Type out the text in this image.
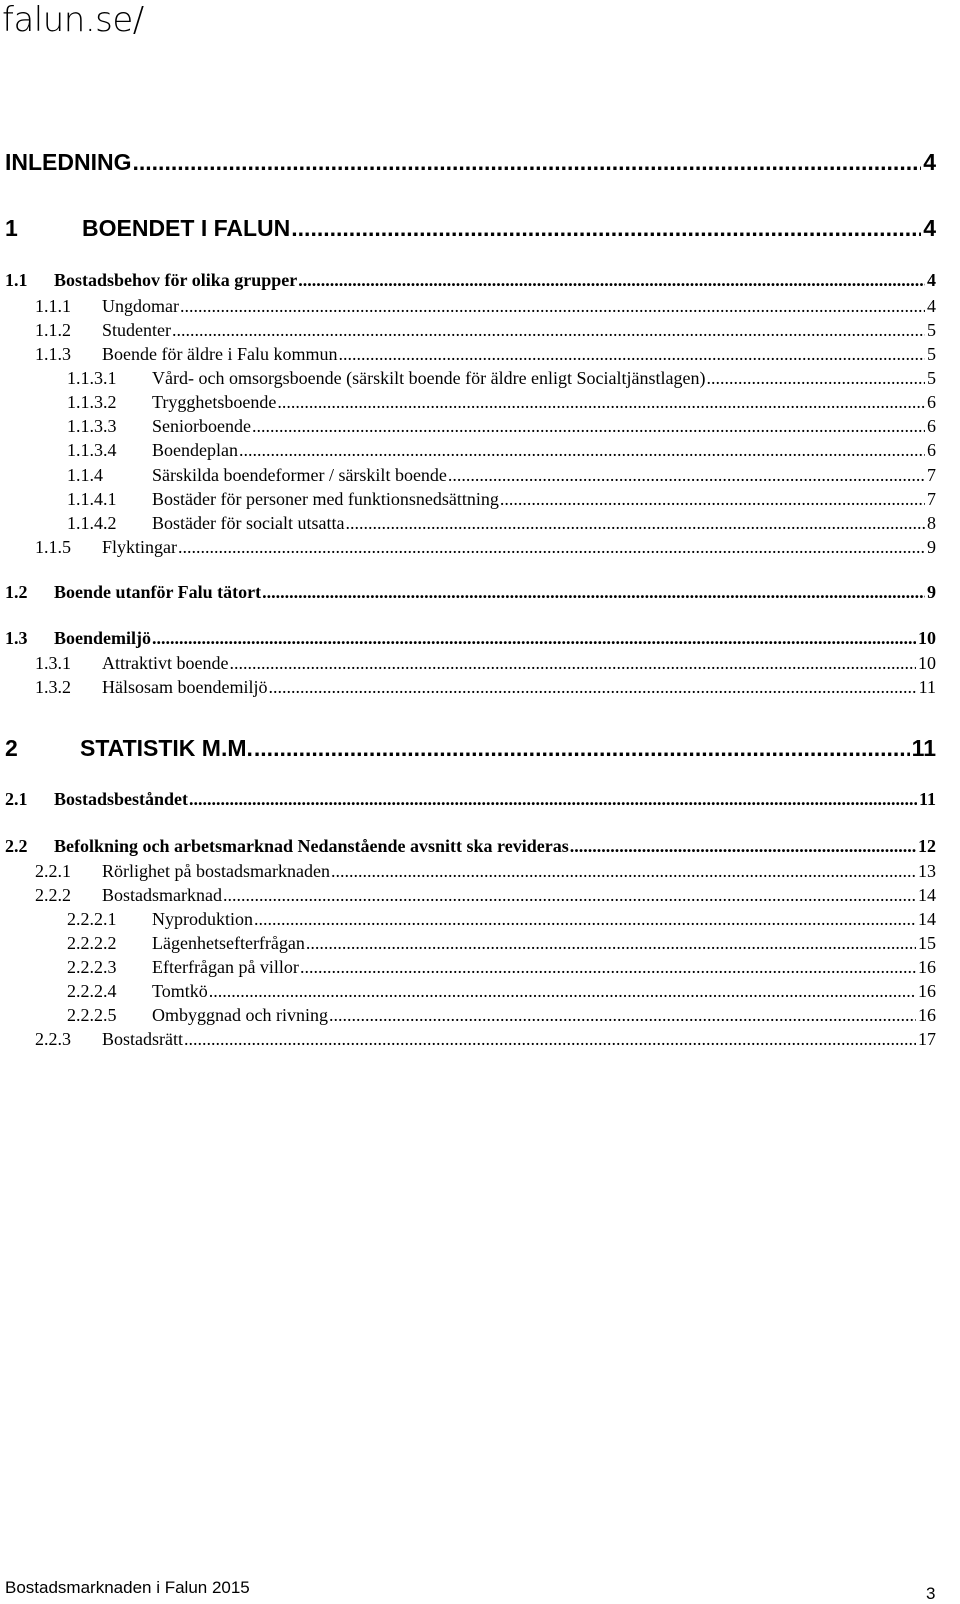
falun.se/
INLEDNING .....	4
1	BOENDET I FALUN .....	4
1.1	Bostadsbehov för olika grupper .....	4
1.1.1	Ungdomar .....	4
1.1.2	Studenter .....	5
1.1.3	Boende för äldre i Falu kommun .....	5
1.1.3.1	Vård- och omsorgsboende (särskilt boende för äldre enligt Socialtjänstlagen) .....	5
1.1.3.2	Trygghetsboende .....	6
1.1.3.3	Seniorboende .....	6
1.1.3.4	Boendeplan .....	6
1.1.4	Särskilda boendeformer / särskilt boende .....	7
1.1.4.1	Bostäder för personer med funktionsnedsättning .....	7
1.1.4.2	Bostäder för socialt utsatta .....	8
1.1.5	Flyktingar .....	9
1.2	Boende utanför Falu tätort .....	9
1.3	Boendemiljö .....	10
1.3.1	Attraktivt boende .....	10
1.3.2	Hälsosam boendemiljö .....	11
2	STATISTIK M.M. .....	11
2.1	Bostadsbeståndet .....	11
2.2	Befolkning och arbetsmarknad Nedanstående avsnitt ska revideras .....	12
2.2.1	Rörlighet på bostadsmarknaden .....	13
2.2.2	Bostadsmarknad .....	14
2.2.2.1	Nyproduktion .....	14
2.2.2.2	Lägenhetsefterfrågan .....	15
2.2.2.3	Efterfrågan på villor .....	16
2.2.2.4	Tomtkö .....	16
2.2.2.5	Ombyggnad och rivning .....	16
2.2.3	Bostadsrätt .....	17
Bostadsmarknaden i Falun 2015	3
